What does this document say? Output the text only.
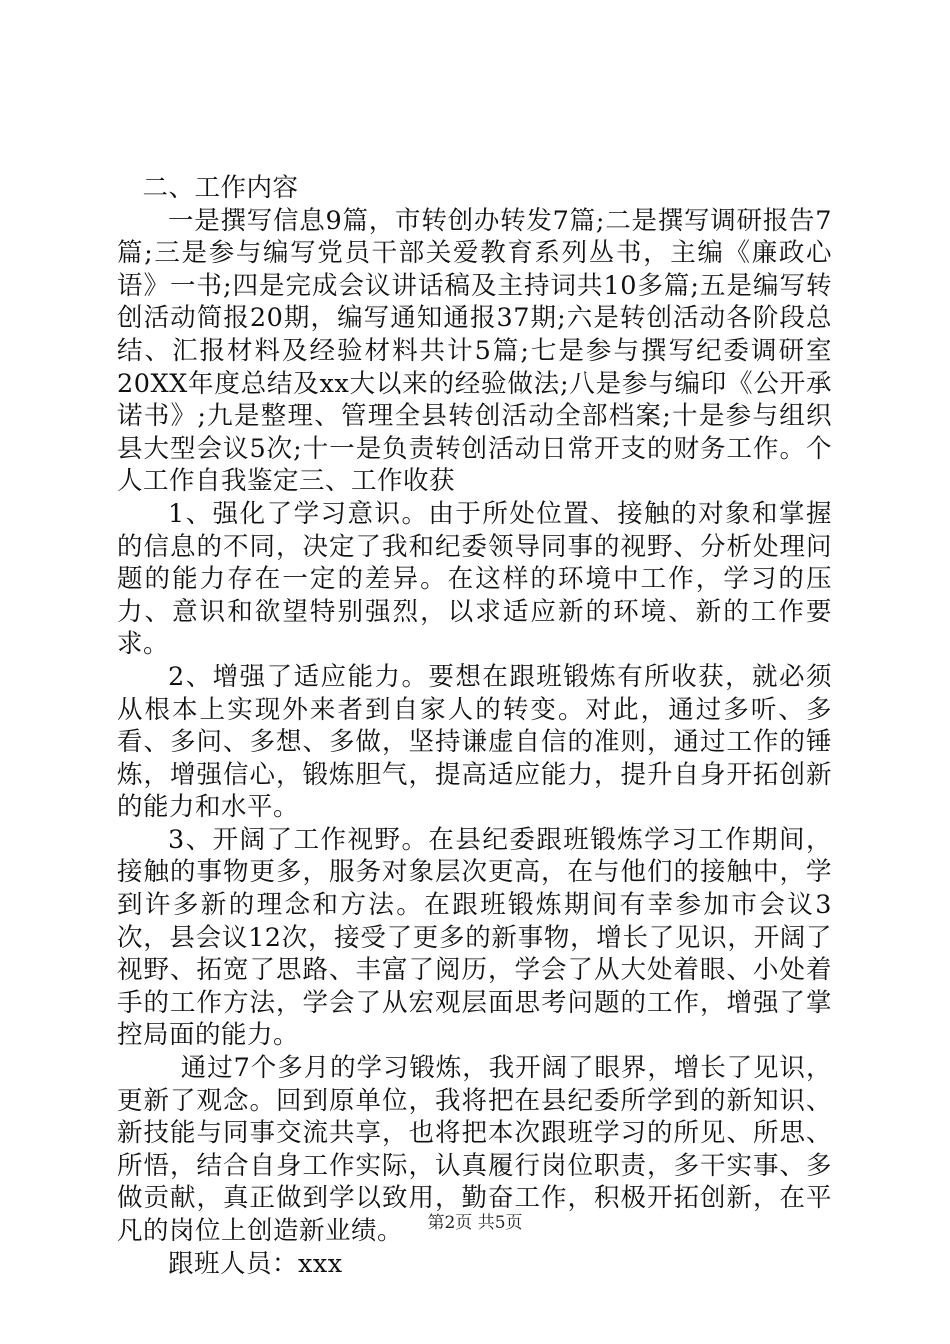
二、工作内容

一是撰写信息9篇，市转创办转发7篇;二是撰写调研报告7篇;三是参与编写党员干部关爱教育系列丛书，主编《廉政心语》一书;四是完成会议讲话稿及主持词共10多篇;五是编写转创活动简报20期，编写通知通报37期;六是转创活动各阶段总结、汇报材料及经验材料共计5篇;七是参与撰写纪委调研室20XX年度总结及xx大以来的经验做法;八是参与编印《公开承诺书》;九是整理、管理全县转创活动全部档案;十是参与组织县大型会议5次;十一是负责转创活动日常开支的财务工作。个人工作自我鉴定三、工作收获

1、强化了学习意识。由于所处位置、接触的对象和掌握的信息的不同，决定了我和纪委领导同事的视野、分析处理问题的能力存在一定的差异。在这样的环境中工作，学习的压力、意识和欲望特别强烈，以求适应新的环境、新的工作要求。

2、增强了适应能力。要想在跟班锻炼有所收获，就必须从根本上实现外来者到自家人的转变。对此，通过多听、多看、多问、多想、多做，坚持谦虚自信的准则，通过工作的锤炼，增强信心，锻炼胆气，提高适应能力，提升自身开拓创新的能力和水平。

3、开阔了工作视野。在县纪委跟班锻炼学习工作期间，接触的事物更多，服务对象层次更高，在与他们的接触中，学到许多新的理念和方法。在跟班锻炼期间有幸参加市会议3次，县会议12次，接受了更多的新事物，增长了见识，开阔了视野、拓宽了思路、丰富了阅历，学会了从大处着眼、小处着手的工作方法，学会了从宏观层面思考问题的工作，增强了掌控局面的能力。

通过7个多月的学习锻炼，我开阔了眼界，增长了见识，更新了观念。回到原单位，我将把在县纪委所学到的新知识、新技能与同事交流共享，也将把本次跟班学习的所见、所思、所悟，结合自身工作实际，认真履行岗位职责，多干实事、多做贡献，真正做到学以致用，勤奋工作，积极开拓创新，在平凡的岗位上创造新业绩。

跟班人员：xxx

第2页 共5页
